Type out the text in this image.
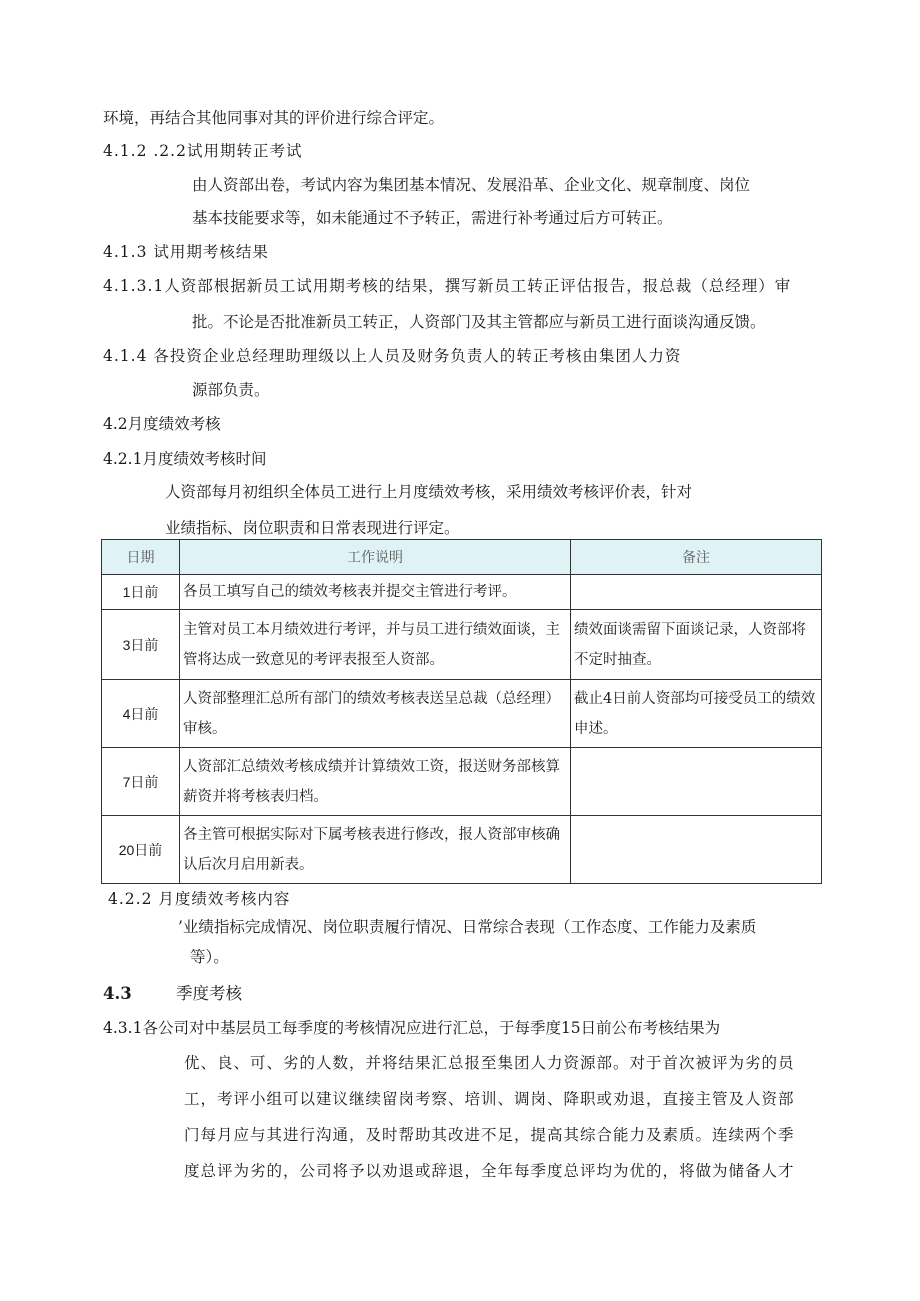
环境，再结合其他同事对其的评价进行综合评定。
4.1.2 .2.2试用期转正考试
由人资部出卷，考试内容为集团基本情况、发展沿革、企业文化、规章制度、岗位
基本技能要求等，如未能通过不予转正，需进行补考通过后方可转正。
4.1.3 试用期考核结果
4.1.3.1人资部根据新员工试用期考核的结果，撰写新员工转正评估报告，报总裁（总经理）审
批。不论是否批准新员工转正，人资部门及其主管都应与新员工进行面谈沟通反馈。
4.1.4 各投资企业总经理助理级以上人员及财务负责人的转正考核由集团人力资
源部负责。
4.2月度绩效考核
4.2.1月度绩效考核时间
人资部每月初组织全体员工进行上月度绩效考核，采用绩效考核评价表，针对
业绩指标、岗位职责和日常表现进行评定。
日期	工作说明	备注
1日前	各员工填写自己的绩效考核表并提交主管进行考评。	
3日前	主管对员工本月绩效进行考评，并与员工进行绩效面谈，主管将达成一致意见的考评表报至人资部。	绩效面谈需留下面谈记录，人资部将不定时抽查。
4日前	人资部整理汇总所有部门的绩效考核表送呈总裁（总经理）审核。	截止4日前人资部均可接受员工的绩效申述。
7日前	人资部汇总绩效考核成绩并计算绩效工资，报送财务部核算薪资并将考核表归档。	
20日前	各主管可根据实际对下属考核表进行修改，报人资部审核确认后次月启用新表。	
4.2.2 月度绩效考核内容
’业绩指标完成情况、岗位职责履行情况、日常综合表现（工作态度、工作能力及素质
等）。
4.3	季度考核
4.3.1各公司对中基层员工每季度的考核情况应进行汇总，于每季度15日前公布考核结果为
优、良、可、劣的人数，并将结果汇总报至集团人力资源部。对于首次被评为劣的员
工，考评小组可以建议继续留岗考察、培训、调岗、降职或劝退，直接主管及人资部
门每月应与其进行沟通，及时帮助其改进不足，提高其综合能力及素质。连续两个季
度总评为劣的，公司将予以劝退或辞退，全年每季度总评均为优的，将做为储备人才
